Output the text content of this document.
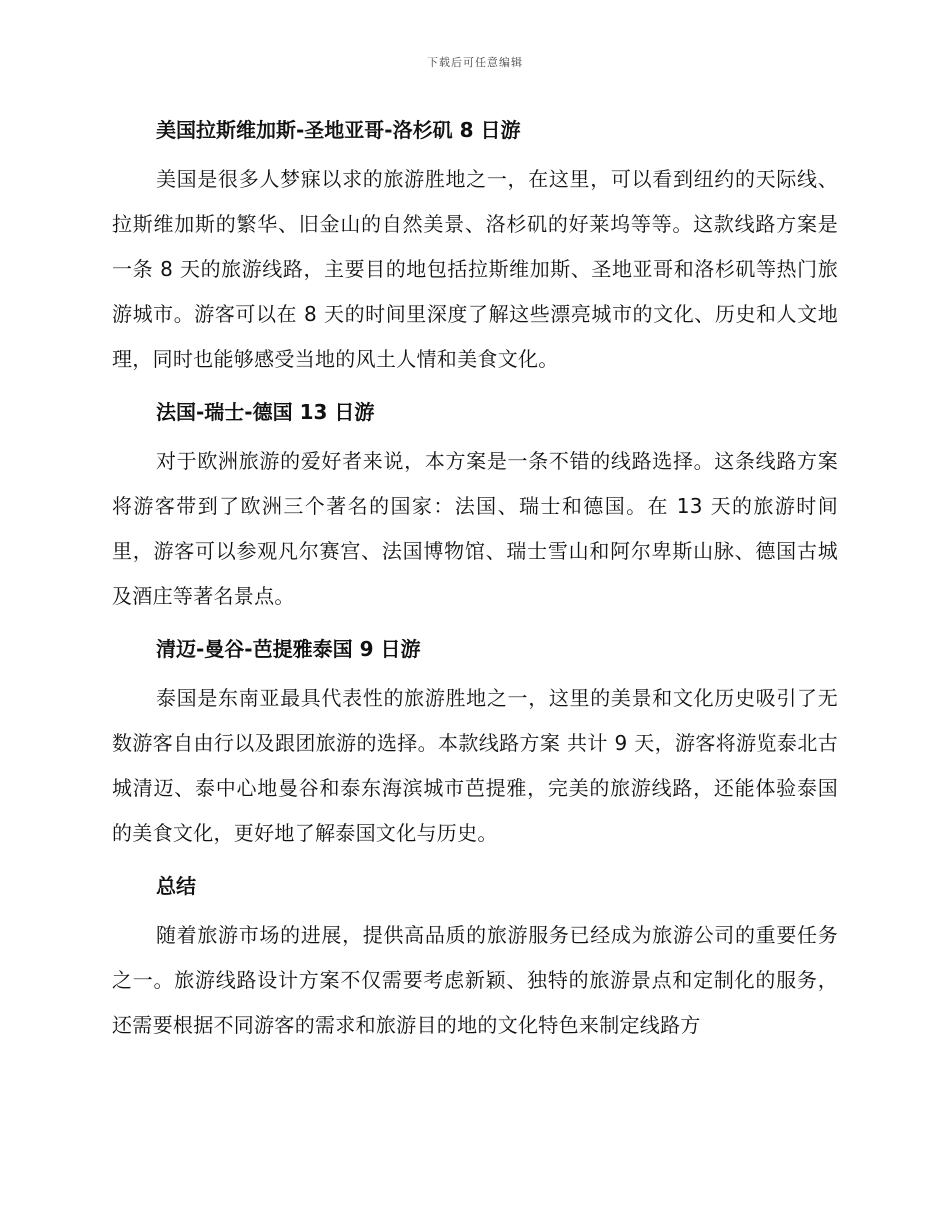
下载后可任意编辑
美国拉斯维加斯-圣地亚哥-洛杉矶 8 日游

美国是很多人梦寐以求的旅游胜地之一，在这里，可以看到纽约的天际线、拉斯维加斯的繁华、旧金山的自然美景、洛杉矶的好莱坞等等。这款线路方案是一条 8 天的旅游线路，主要目的地包括拉斯维加斯、圣地亚哥和洛杉矶等热门旅游城市。游客可以在 8 天的时间里深度了解这些漂亮城市的文化、历史和人文地理，同时也能够感受当地的风土人情和美食文化。

法国-瑞士-德国 13 日游

对于欧洲旅游的爱好者来说，本方案是一条不错的线路选择。这条线路方案将游客带到了欧洲三个著名的国家：法国、瑞士和德国。在 13 天的旅游时间里，游客可以参观凡尔赛宫、法国博物馆、瑞士雪山和阿尔卑斯山脉、德国古城及酒庄等著名景点。

清迈-曼谷-芭提雅泰国 9 日游

泰国是东南亚最具代表性的旅游胜地之一，这里的美景和文化历史吸引了无数游客自由行以及跟团旅游的选择。本款线路方案 共计 9 天，游客将游览泰北古城清迈、泰中心地曼谷和泰东海滨城市芭提雅，完美的旅游线路，还能体验泰国的美食文化，更好地了解泰国文化与历史。

总结

随着旅游市场的进展，提供高品质的旅游服务已经成为旅游公司的重要任务之一。旅游线路设计方案不仅需要考虑新颖、独特的旅游景点和定制化的服务，还需要根据不同游客的需求和旅游目的地的文化特色来制定线路方
